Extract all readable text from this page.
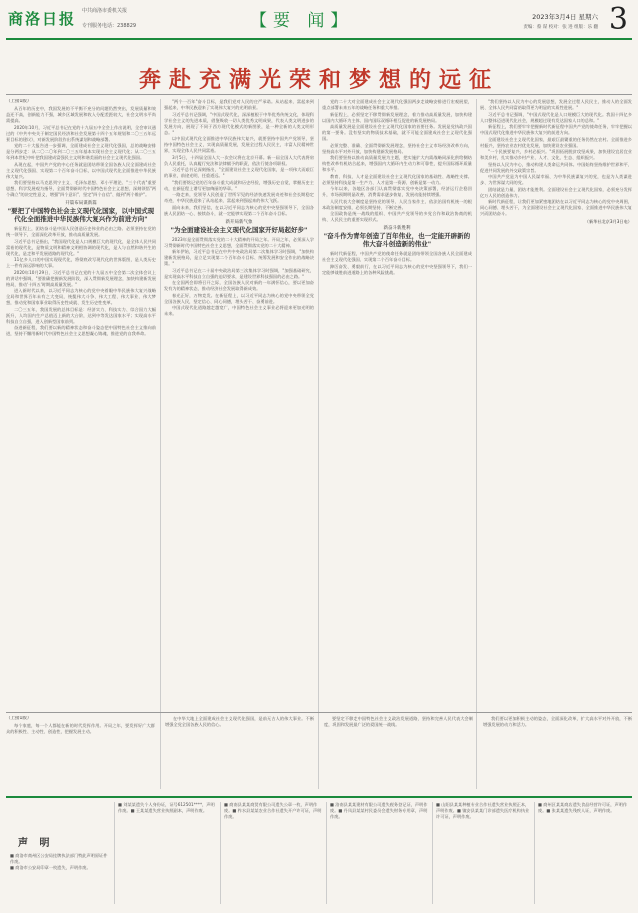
商洛日报 中共商洛市委机关报
专刊服务电话：238829	【要 闻】	2023年3月4日 星期六
责编：蔡 谋 校对：张 进 组版：乐 翻 3
奔赴充满光荣和梦想的远征
（上接1版）

从百年的历史中，我国发展的不平衡不充分的问题仍然突出，发展质量和效益还不高，创新能力不强，城乡区域发展和收入分配差距较大，社会文明水平尚需提高。

2020年10月，习近平总书记在党的十九届五中全会上作出说明，全会审议通过的《中共中央关于制定国民经济和社会发展第十四个五年规划和二〇三五年远景目标的建议》，对新发展阶段作出系统谋划和战略部署。

党的二十大报告进一步强调，全面建成社会主义现代化强国，总的战略安排是分两步走：从二〇二〇年到二〇三五年基本实现社会主义现代化；从二〇三五年到本世纪中叶把我国建成富强民主文明和谐美丽的社会主义现代化强国。

从现在起，中国共产党的中心任务就是团结带领全国各族人民全面建成社会主义现代化强国、实现第二个百年奋斗目标，以中国式现代化全面推进中华民族伟大复兴。

我们要坚持以马克思列宁主义、毛泽东思想、邓小平理论、"三个代表"重要思想、科学发展观为指导，全面贯彻新时代中国特色社会主义思想，深刻领悟"两个确立"的决定性意义，增强"四个意识"、坚定"四个自信"、做到"两个维护"。

开篇布局谋新篇
"要把了中国特色社会主义现代化国家，以中国式现代化全面推进中华民族伟大复兴作为前进方向"

新征程上，团结奋斗是中国人民创造历史伟业的必由之路。必须坚持在党的统一领导下，全面深化改革开放，推动高质量发展。

习近平总书记指出，"我国现代化是人口规模巨大的现代化，是全体人民共同富裕的现代化，是物质文明和精神文明相协调的现代化，是人与自然和谐共生的现代化，是走和平发展道路的现代化。"

11亿多人口的中国实现现代化，将彻底改写现代化的世界版图，是人类历史上一件有深远影响的大事。

2020年10月29日，习近平总书记在党的十九届五中全会第二次全体会议上的讲话中强调，"要准确把握新发展阶段，深入贯彻新发展理念，加快构建新发展格局，推动'十四五'时期高质量发展。"

进入新时代以来，以习近平同志为核心的党中央着眼中华民族伟大复兴战略全局和世界百年未有之大变局，统揽伟大斗争、伟大工程、伟大事业、伟大梦想，推动党和国家事业取得历史性成就、发生历史性变革。

二〇三五年，我国发展的总体目标是：经济实力、科技实力、综合国力大幅跃升，人均国内生产总值迈上新的大台阶，达到中等发达国家水平；实现高水平科技自立自强，进入创新型国家前列。

奋进新征程，我们要以新的精神状态和奋斗姿态把中国特色社会主义推向前进，坚持不懈用新时代中国特色社会主义思想凝心铸魂，推进党的自我革命。

"两个一百年"奋斗目标，是我们党对人民的庄严承诺。从站起来、富起来到强起来，中华民族迎来了实现伟大复兴的光明前景。

习近平总书记强调，"中国式现代化，深深植根于中华优秀传统文化，体现科学社会主义的先进本质，借鉴吸收一切人类优秀文明成果，代表人类文明进步的发展方向，展现了不同于西方现代化模式的新图景，是一种全新的人类文明形态。"

以中国式现代化全面推进中华民族伟大复兴，就要坚持中国共产党领导，坚持中国特色社会主义，实现高质量发展，发展全过程人民民主，丰富人民精神世界，实现全体人民共同富裕。

3月5日，十四届全国人大一次会议将在北京开幕。新一届全国人大代表将肩负人民重托，认真履行宪法和法律赋予的职责，依法行使各项职权。

习近平总书记深刻指出，"全面建设社会主义现代化国家，是一项伟大而艰巨的事业，前途光明，任重道远。"

"我们要铭记党的百年奋斗重大成就和历史经验，增强历史自觉，掌握历史主动，在新征程上谱写更加绚丽的华章。"

一路走来，党领导人民创造了世所罕见的经济快速发展奇迹和社会长期稳定奇迹，中华民族迎来了从站起来、富起来到强起来的伟大飞跃。

面向未来，我们坚信，在以习近平同志为核心的党中央坚强领导下，全国各族人民团结一心、接续奋斗，就一定能够实现第二个百年奋斗目标。

新开局新气象
"为全面建设社会主义现代化国家开好局起好步"

2023年是全面贯彻落实党的二十大精神的开局之年。开局之年，必须深入学习贯彻新时代中国特色社会主义思想，全面贯彻落实党的二十大精神。

新年伊始，习近平总书记在中共中央政治局第二次集体学习时强调，"加快构建新发展格局，是立足实现第二个百年奋斗目标、统筹发展和安全作出的战略决策。"

习近平总书记在二十届中央政治局第三次集体学习时强调，"加强基础研究，是实现高水平科技自立自强的迫切要求，是建设世界科技强国的必由之路。"

在全国两会即将召开之际，全国各族人民对新的一年满怀信心，要以更加奋发有为的精神状态，推动经济社会发展取得新成效。

春光正好，万物竞发。在新征程上，以习近平同志为核心的党中央带领全党全国各族人民，坚定信心、同心同德，埋头苦干、奋勇前进。

中国式现代化道路越走越宽广，中国特色社会主义事业必将迎来更加光明的未来。

党的二十大对全面建成社会主义现代化强国两步走战略安排进行宏观展望，重点部署未来五年的战略任务和重大举措。

新征程上，必须坚定不移贯彻新发展理念，着力推动高质量发展，加快构建以国内大循环为主体、国内国际双循环相互促进的新发展格局。

高质量发展是全面建设社会主义现代化国家的首要任务。发展是党执政兴国的第一要务。没有坚实的物质技术基础，就不可能全面建成社会主义现代化强国。

必须完整、准确、全面贯彻新发展理念，坚持社会主义市场经济改革方向，坚持高水平对外开放，加快构建新发展格局。

我们要坚持以推动高质量发展为主题，把实施扩大内需战略同深化供给侧结构性改革有机结合起来，增强国内大循环内生动力和可靠性，提升国际循环质量和水平。

教育、科技、人才是全面建设社会主义现代化国家的基础性、战略性支撑。必须坚持科技是第一生产力、人才是第一资源、创新是第一动力。

今年以来，各地区各部门认真贯彻落实党中央决策部署，经济运行企稳回升，市场预期明显改善，消费需求逐步恢复，发展动能持续增强。

人民代表大会制度是坚持党的领导、人民当家作主、依法治国有机统一的根本政治制度安排，必须长期坚持、不断完善。

全国政协是统一战线的组织、中国共产党领导的多党合作和政治协商的机构、人民民主的重要实现形式。

新奋斗新胜利
"奋斗作为青年创造了百年伟业，也一定能开辟新的伟大奋斗创造新的伟业"

新时代新征程，中国共产党的使命任务就是团结带领全国各族人民全面建成社会主义现代化强国、实现第二个百年奋斗目标。

踔厉奋发、勇毅前行，在以习近平同志为核心的党中央坚强领导下，我们一定能够战胜前进道路上的各种风险挑战。

"我们坚持以人民为中心的发展思想，发展全过程人民民主，推动人的全面发展、全体人民共同富裕取得更为明显的实质性进展。"

习近平总书记强调，"中国式现代化是人口规模巨大的现代化。我国十四亿多人口整体迈进现代化社会，规模超过现有发达国家人口的总和。"

新征程上，我们要牢牢把握新时代新征程中国共产党的使命任务，牢牢把握以中国式现代化推进中华民族伟大复兴的前进方向。

全面建设社会主义现代化国家，最艰巨最繁重的任务仍然在农村。全面推进乡村振兴，坚持农业农村优先发展，加快建设农业强国。

"一个民族要复兴，乡村必振兴。"巩固拓展脱贫攻坚成果，加快建设宜居宜业和美乡村，扎实推动乡村产业、人才、文化、生态、组织振兴。

坚持以人民为中心，推动构建人类命运共同体。中国始终坚持维护世界和平、促进共同发展的外交政策宗旨。

中国共产党是为中国人民谋幸福、为中华民族谋复兴的党，也是为人类谋进步、为世界谋大同的党。

团结就是力量，团结才能胜利。全面建设社会主义现代化国家，必须充分发挥亿万人民的创造伟力。

新时代新征程，让我们更加紧密地团结在以习近平同志为核心的党中央周围，同心同德、埋头苦干，为全面建设社会主义现代化国家、全面推进中华民族伟大复兴而团结奋斗。

（新华社北京3月3日电）
（上接1版）

每个家庭，每一个人都能在新的时代发挥作用。开局之年，要发挥好广大群众的积极性、主动性、创造性，把握发展主动。

在中华大地上全面建成社会主义现代化强国，是前无古人的伟大事业。不断增强全党全国各族人民的信心。

要坚定不移走中国特色社会主义政治发展道路，坚持和完善人民代表大会制度，巩固和发展最广泛的爱国统一战线。

我们要以更加积极主动的姿态，全面深化改革，扩大高水平对外开放，不断增强发展的动力和活力。

声 明

■ 商洛市商州区公安局挂牌执法部门特此声明原证件作废。

■ 商洛市公安局印章一枚遗失，声明作废。

■ 刘某某遗失个人身份证，证号612501****，声明作废。■ 王某某遗失营业执照副本，声明作废。
■ 商南县某某商贸有限公司遗失公章一枚，声明作废。■ 柞水县某某农业合作社遗失开户许可证，声明作废。
■ 洛南县某某建材有限公司遗失税务登记证，声明作废。■ 丹凤县某某村民委员会遗失财务专用章，声明作废。
■ 山阳县某某种植专业合作社遗失营业执照正本，声明作废。■ 镇安县某某门诊部遗失医疗机构执业许可证，声明作废。
■ 商州区某某商店遗失食品经营许可证，声明作废。■ 张某某遗失残疾人证，声明作废。
